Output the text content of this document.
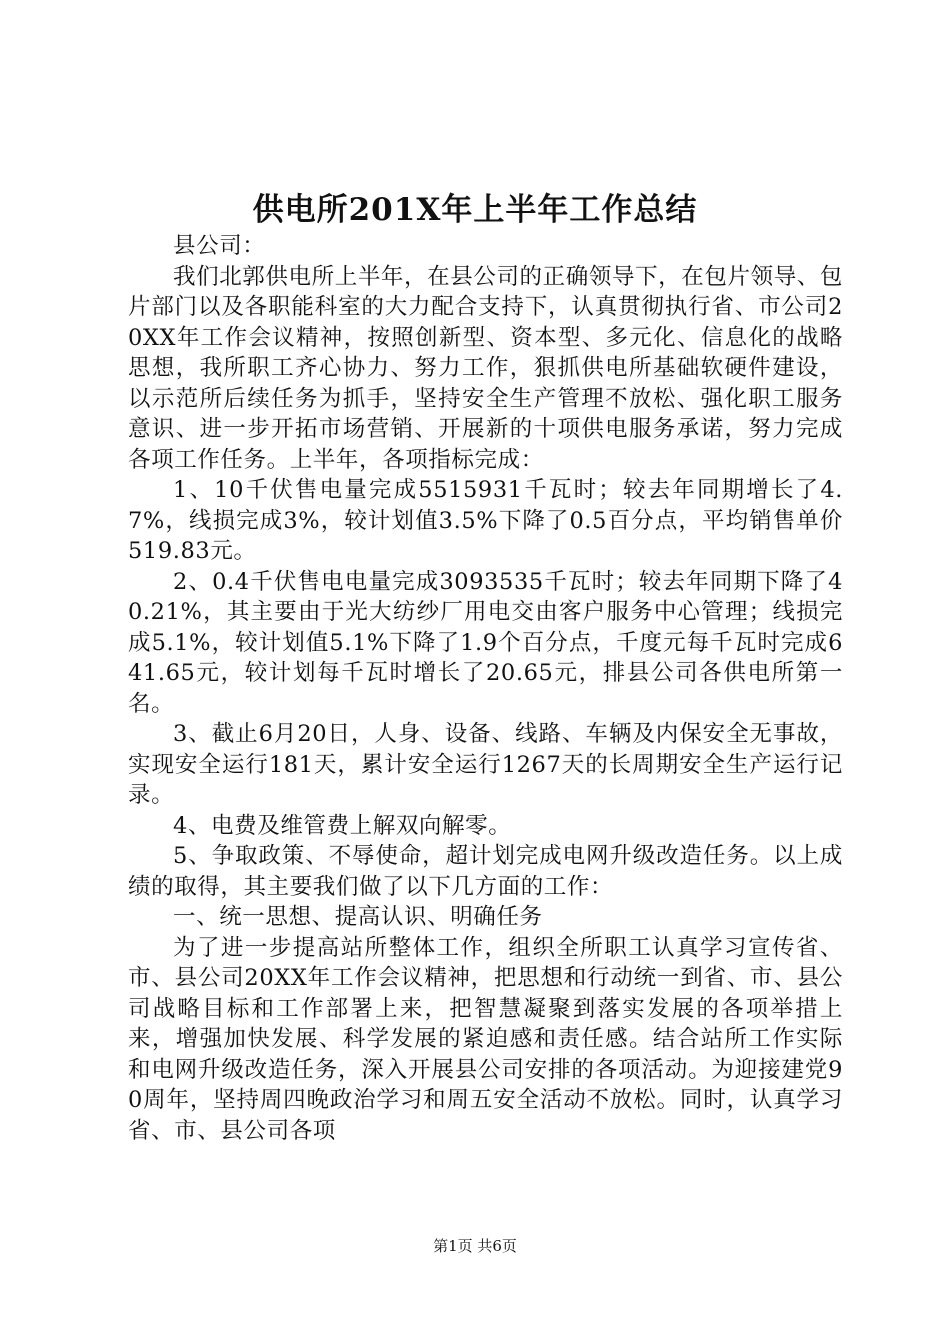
供电所201X年上半年工作总结

县公司：

我们北郭供电所上半年，在县公司的正确领导下，在包片领导、包片部门以及各职能科室的大力配合支持下，认真贯彻执行省、市公司20XX年工作会议精神，按照创新型、资本型、多元化、信息化的战略思想，我所职工齐心协力、努力工作，狠抓供电所基础软硬件建设，以示范所后续任务为抓手，坚持安全生产管理不放松、强化职工服务意识、进一步开拓市场营销、开展新的十项供电服务承诺，努力完成各项工作任务。上半年，各项指标完成：

1、10千伏售电量完成5515931千瓦时；较去年同期增长了4.7%，线损完成3%，较计划值3.5%下降了0.5百分点，平均销售单价519.83元。

2、0.4千伏售电电量完成3093535千瓦时；较去年同期下降了40.21%，其主要由于光大纺纱厂用电交由客户服务中心管理；线损完成5.1%，较计划值5.1%下降了1.9个百分点，千度元每千瓦时完成641.65元，较计划每千瓦时增长了20.65元，排县公司各供电所第一名。

3、截止6月20日，人身、设备、线路、车辆及内保安全无事故，实现安全运行181天，累计安全运行1267天的长周期安全生产运行记录。

4、电费及维管费上解双向解零。

5、争取政策、不辱使命，超计划完成电网升级改造任务。以上成绩的取得，其主要我们做了以下几方面的工作：

一、统一思想、提高认识、明确任务

为了进一步提高站所整体工作，组织全所职工认真学习宣传省、市、县公司20XX年工作会议精神，把思想和行动统一到省、市、县公司战略目标和工作部署上来，把智慧凝聚到落实发展的各项举措上来，增强加快发展、科学发展的紧迫感和责任感。结合站所工作实际和电网升级改造任务，深入开展县公司安排的各项活动。为迎接建党90周年，坚持周四晚政治学习和周五安全活动不放松。同时，认真学习省、市、县公司各项

第1页 共6页
